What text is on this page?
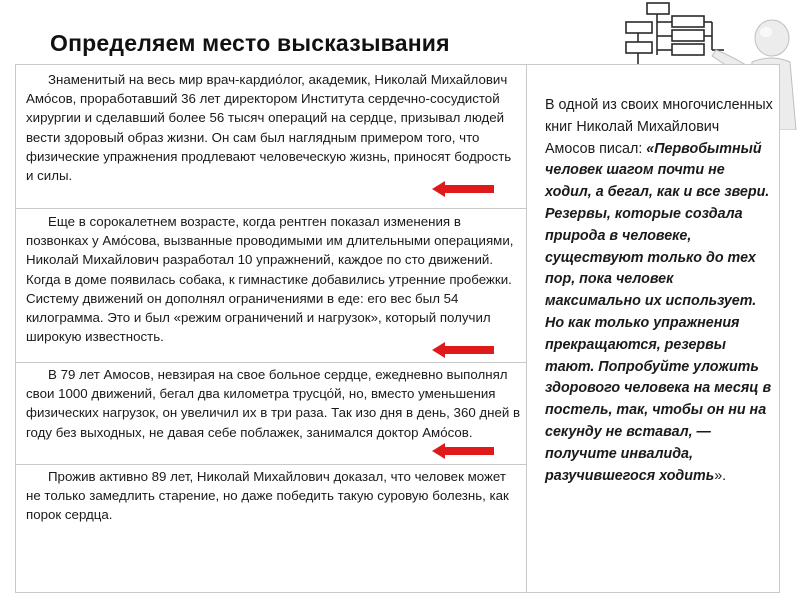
Определяем место высказывания

Знаменитый на весь мир врач-кардио́лог, академик, Николай Михайлович Амо́сов, проработавший 36 лет директором Института сердечно-сосудистой хирургии и сделавший более 56 тысяч операций на сердце, призывал людей вести здоровый образ жизни. Он сам был наглядным примером того, что физические упражнения продлевают человеческую жизнь, приносят бодрость и силы.

Еще в сорокалетнем возрасте, когда рентген показал изменения в позвонках у Амо́сова, вызванные проводимыми им длительными операциями, Николай Михайлович разработал 10 упражнений, каждое по сто движений. Когда в доме появилась собака, к гимнастике добавились утренние пробежки. Системy движений он дополнял ограничениями в еде: его вес был 54 килограмма. Это и был «режим ограничений и нагрузок», который получил широкую известность.

В 79 лет Амосов, невзирая на свое больное сердце, ежедневно выполнял свои 1000 движений, бегал два километра трусцо́й, но, вместо уменьшения физических нагрузок, он увеличил их в три раза. Так изо дня в день, 360 дней в году без выходных, не давая себе поблажек, занимался доктор Амо́сов.

Прожив активно 89 лет, Николай Михайлович доказал, что человек может не только замедлить старение, но даже победить такую суровую болезнь, как порок сердца.

В одной из своих многочисленных книг Николай Михайлович Амосов писал: «Первобытный человек шагом почти не ходил, а бегал, как и все звери. Резервы, которые создала природа в человеке, существуют только до тех пор, пока человек максимально их использует. Но как только упражнения прекращаются, резервы тают. Попробуйте уложить здорового человека на месяц в постель, так, чтобы он ни на секунду не вставал, — получите инвалида, разучившегося ходить».
